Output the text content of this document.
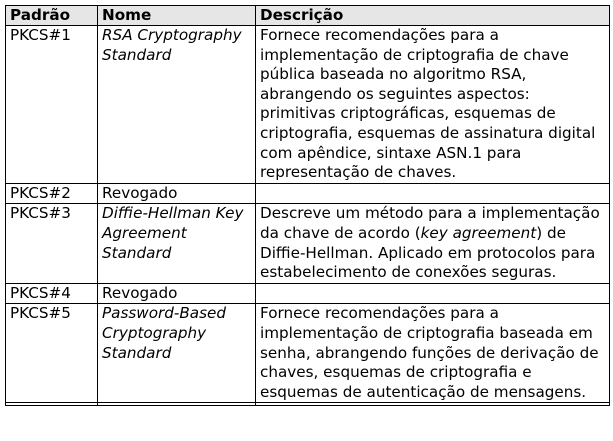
Padrão	Nome	Descrição
PKCS#1	RSA Cryptography Standard	Fornece recomendações para a implementação de criptografia de chave pública baseada no algoritmo RSA, abrangendo os seguintes aspectos: primitivas criptográficas, esquemas de criptografia, esquemas de assinatura digital com apêndice, sintaxe ASN.1 para representação de chaves.
PKCS#2	Revogado	
PKCS#3	Diffie-Hellman Key Agreement Standard	Descreve um método para a implementação da chave de acordo (key agreement) de Diffie-Hellman. Aplicado em protocolos para estabelecimento de conexões seguras.
PKCS#4	Revogado	
PKCS#5	Password-Based Cryptography Standard	Fornece recomendações para a implementação de criptografia baseada em senha, abrangendo funções de derivação de chaves, esquemas de criptografia e esquemas de autenticação de mensagens.
